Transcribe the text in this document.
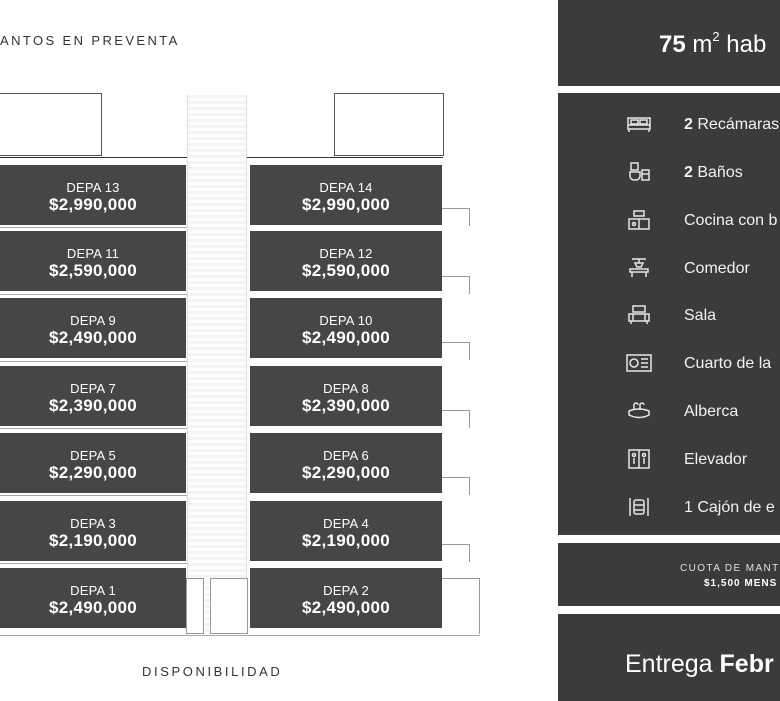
ANTOS EN PREVENTA
DEPA 13
$2,990,000
DEPA 14
$2,990,000
DEPA 11
$2,590,000
DEPA 12
$2,590,000
DEPA 9
$2,490,000
DEPA 10
$2,490,000
DEPA 7
$2,390,000
DEPA 8
$2,390,000
DEPA 5
$2,290,000
DEPA 6
$2,290,000
DEPA 3
$2,190,000
DEPA 4
$2,190,000
DEPA 1
$2,490,000
DEPA 2
$2,490,000
DISPONIBILIDAD
75 $m^2$ hab
2 Recámaras
2 Baños
Cocina con b
Comedor
Sala
Cuarto de la
Alberca
Elevador
1 Cajón de e
CUOTA DE MANT
$1,500 MENS
Entrega Febr
